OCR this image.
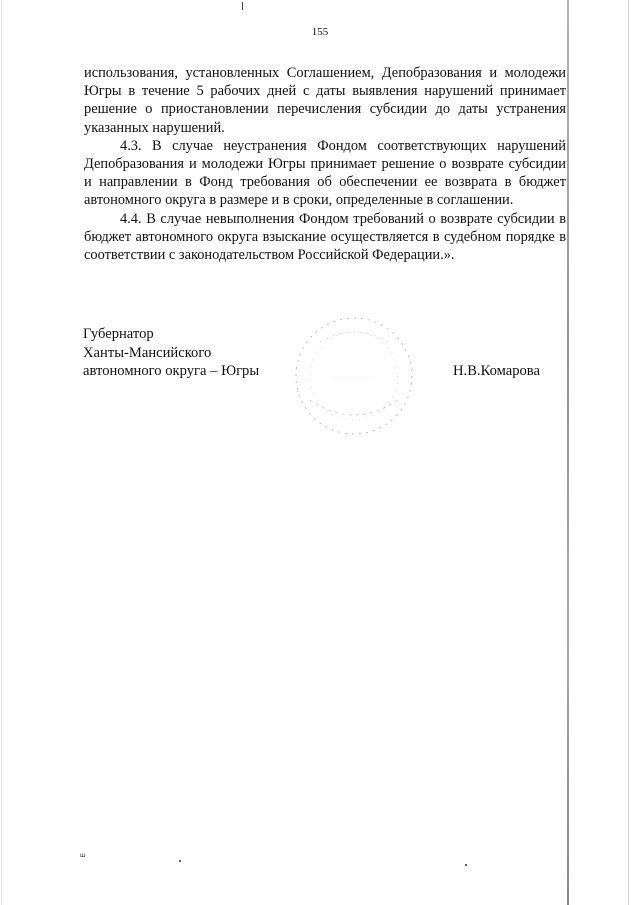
155

использования, установленных Соглашением, Депобразования и молодежи Югры в течение 5 рабочих дней с даты выявления нарушений принимает решение о приостановлении перечисления субсидии до даты устранения указанных нарушений.

4.3. В случае неустранения Фондом соответствующих нарушений Депобразования и молодежи Югры принимает решение о возврате субсидии и направлении в Фонд требования об обеспечении ее возврата в бюджет автономного округа в размере и в сроки, определенные в соглашении.

4.4. В случае невыполнения Фондом требований о возврате субсидии в бюджет автономного округа взыскание осуществляется в судебном порядке в соответствии с законодательством Российской Федерации.».

Губернатор
Ханты-Мансийского
автономного округа – Югры	Н.В.Комарова
ш
